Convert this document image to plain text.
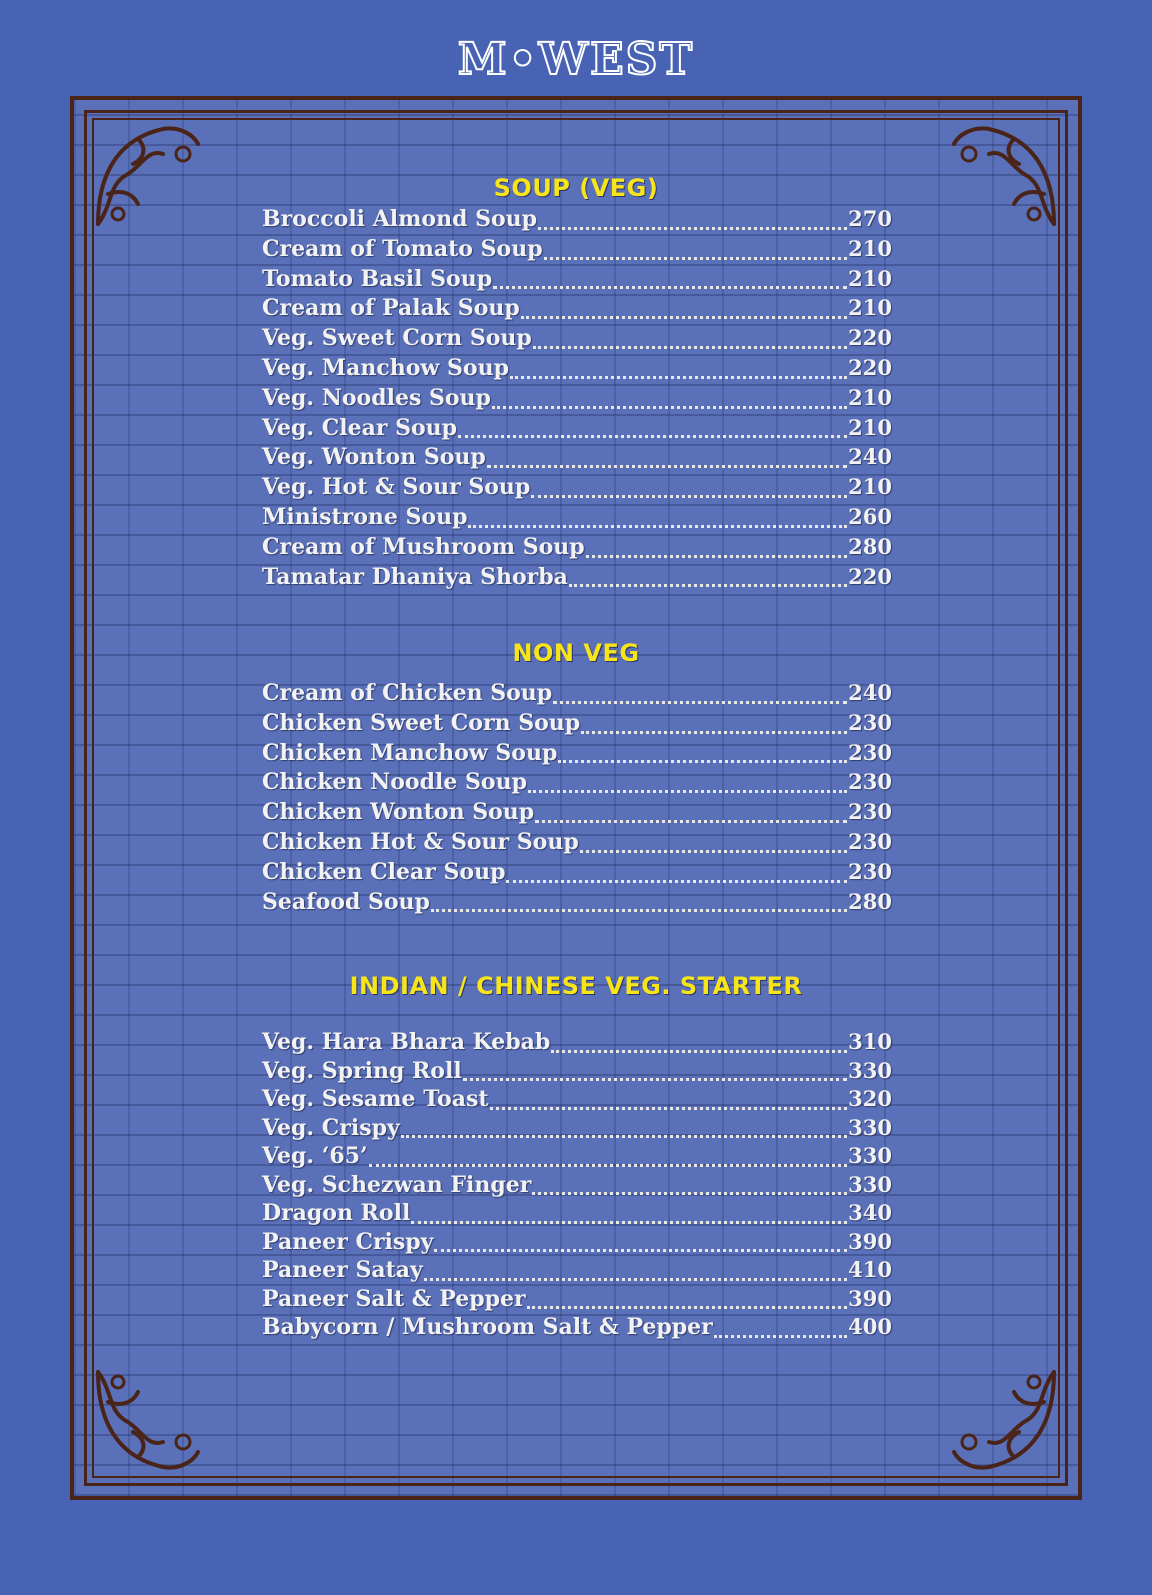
M•WEST
SOUP (VEG)
Broccoli Almond Soup	270
Cream of Tomato Soup	210
Tomato Basil Soup	210
Cream of Palak Soup	210
Veg. Sweet Corn Soup	220
Veg. Manchow Soup	220
Veg. Noodles Soup	210
Veg. Clear Soup	210
Veg. Wonton Soup	240
Veg. Hot & Sour Soup	210
Ministrone Soup	260
Cream of Mushroom Soup	280
Tamatar Dhaniya Shorba	220
NON VEG
Cream of Chicken Soup	240
Chicken Sweet Corn Soup	230
Chicken Manchow Soup	230
Chicken Noodle Soup	230
Chicken Wonton Soup	230
Chicken Hot & Sour Soup	230
Chicken Clear Soup	230
Seafood Soup	280
INDIAN / CHINESE VEG. STARTER
Veg. Hara Bhara Kebab	310
Veg. Spring Roll	330
Veg. Sesame Toast	320
Veg. Crispy	330
Veg. ‘65’	330
Veg. Schezwan Finger	330
Dragon Roll	340
Paneer Crispy	390
Paneer Satay	410
Paneer Salt & Pepper	390
Babycorn / Mushroom Salt & Pepper	400
